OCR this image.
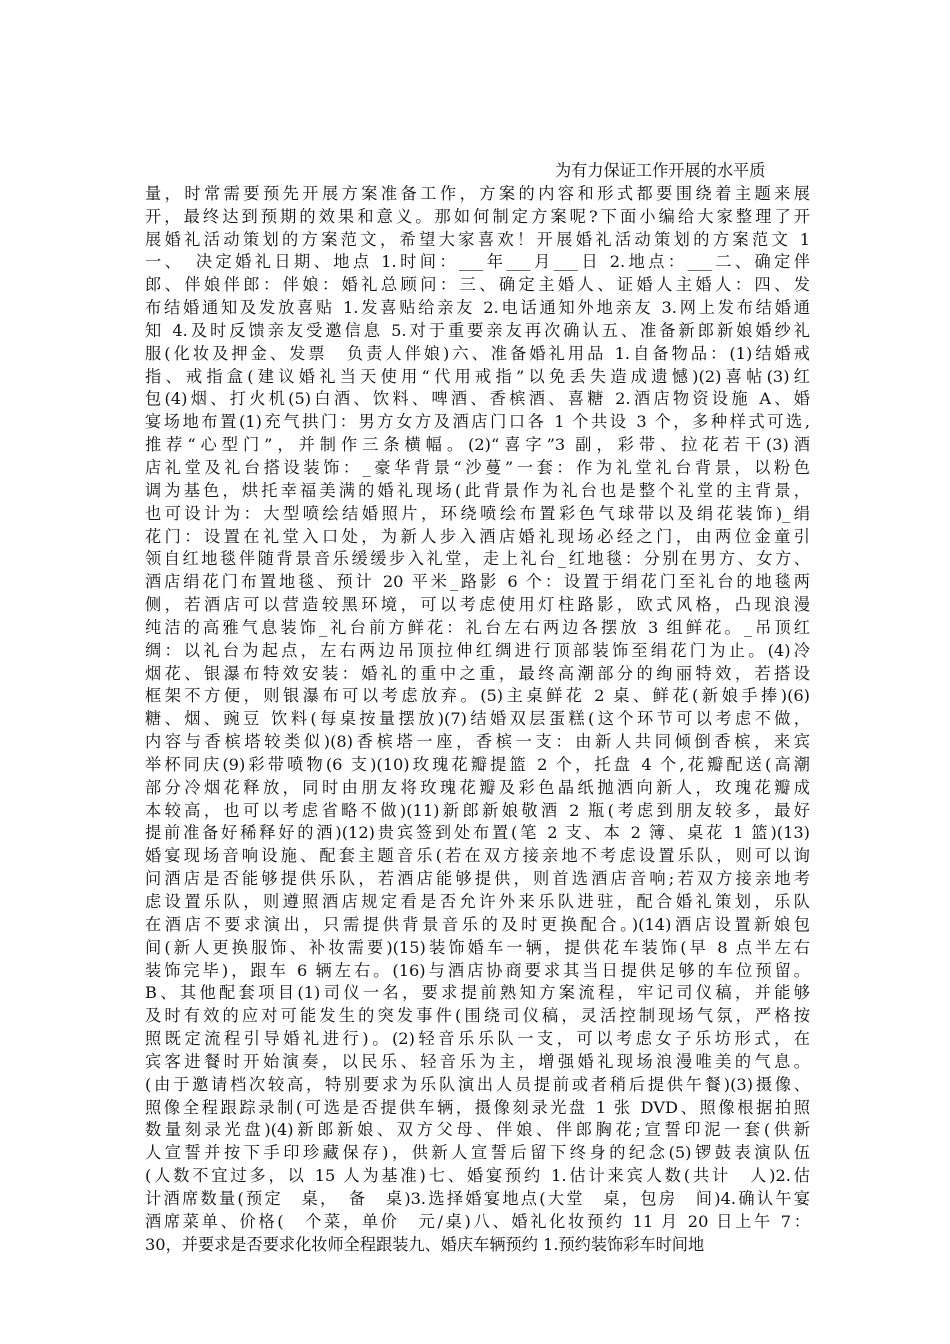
为有力保证工作开展的水平质
量，时常需要预先开展方案准备工作，方案的内容和形式都要围绕着主题来展
开，最终达到预期的效果和意义。那如何制定方案呢?下面小编给大家整理了开
展婚礼活动策划的方案范文，希望大家喜欢！开展婚礼活动策划的方案范文 1
一、　决定婚礼日期、地点 1.时间：___年___月___日 2.地点：___二、确定伴
郎、伴娘伴郎：伴娘：婚礼总顾问：三、确定主婚人、证婚人主婚人：四、发
布结婚通知及发放喜贴 1.发喜贴给亲友 2.电话通知外地亲友 3.网上发布结婚通
知 4.及时反馈亲友受邀信息 5.对于重要亲友再次确认五、准备新郎新娘婚纱礼
服(化妆及押金、发票　负责人伴娘)六、准备婚礼用品 1.自备物品：(1)结婚戒
指、戒指盒(建议婚礼当天使用“代用戒指”以免丢失造成遗憾)(2)喜帖(3)红
包(4)烟、打火机(5)白酒、饮料、啤酒、香槟酒、喜糖 2.酒店物资设施 A、婚
宴场地布置(1)充气拱门：男方女方及酒店门口各 1 个共设 3 个，多种样式可选,
推荐“心型门”，并制作三条横幅。(2)“喜字”3 副，彩带、拉花若干(3)酒
店礼堂及礼台搭设装饰：_豪华背景“沙蔓”一套：作为礼堂礼台背景，以粉色
调为基色，烘托幸福美满的婚礼现场(此背景作为礼台也是整个礼堂的主背景，
也可设计为：大型喷绘结婚照片，环绕喷绘布置彩色气球带以及绢花装饰)_绢
花门：设置在礼堂入口处，为新人步入酒店婚礼现场必经之门，由两位金童引
领自红地毯伴随背景音乐缓缓步入礼堂，走上礼台_红地毯：分别在男方、女方、
酒店绢花门布置地毯、预计 20 平米_路影 6 个：设置于绢花门至礼台的地毯两
侧，若酒店可以营造较黑环境，可以考虑使用灯柱路影，欧式风格，凸现浪漫
纯洁的高雅气息装饰_礼台前方鲜花：礼台左右两边各摆放 3 组鲜花。_吊顶红
绸：以礼台为起点，左右两边吊顶拉伸红绸进行顶部装饰至绢花门为止。(4)冷
烟花、银瀑布特效安装：婚礼的重中之重，最终高潮部分的绚丽特效，若搭设
框架不方便，则银瀑布可以考虑放弃。(5)主桌鲜花 2 桌、鲜花(新娘手捧)(6)
糖、烟、豌豆 饮料(每桌按量摆放)(7)结婚双层蛋糕(这个环节可以考虑不做，
内容与香槟塔较类似)(8)香槟塔一座，香槟一支：由新人共同倾倒香槟，来宾
举杯同庆(9)彩带喷物(6 支)(10)玫瑰花瓣提篮 2 个，托盘 4 个,花瓣配送(高潮
部分冷烟花释放，同时由朋友将玫瑰花瓣及彩色晶纸抛洒向新人，玫瑰花瓣成
本较高，也可以考虑省略不做)(11)新郎新娘敬酒 2 瓶(考虑到朋友较多，最好
提前准备好稀释好的酒)(12)贵宾签到处布置(笔 2 支、本 2 簿、桌花 1 篮)(13)
婚宴现场音响设施、配套主题音乐(若在双方接亲地不考虑设置乐队，则可以询
问酒店是否能够提供乐队，若酒店能够提供，则首选酒店音响;若双方接亲地考
虑设置乐队，则遵照酒店规定看是否允许外来乐队进驻，配合婚礼策划，乐队
在酒店不要求演出，只需提供背景音乐的及时更换配合。)(14)酒店设置新娘包
间(新人更换服饰、补妆需要)(15)装饰婚车一辆，提供花车装饰(早 8 点半左右
装饰完毕)，跟车 6 辆左右。(16)与酒店协商要求其当日提供足够的车位预留。
B、其他配套项目(1)司仪一名，要求提前熟知方案流程，牢记司仪稿，并能够
及时有效的应对可能发生的突发事件(围绕司仪稿，灵活控制现场气氛，严格按
照既定流程引导婚礼进行)。(2)轻音乐乐队一支，可以考虑女子乐坊形式，在
宾客进餐时开始演奏，以民乐、轻音乐为主，增强婚礼现场浪漫唯美的气息。
(由于邀请档次较高，特别要求为乐队演出人员提前或者稍后提供午餐)(3)摄像、
照像全程跟踪录制(可选是否提供车辆，摄像刻录光盘 1 张 DVD、照像根据拍照
数量刻录光盘)(4)新郎新娘、双方父母、伴娘、伴郎胸花;宣誓印泥一套(供新
人宣誓并按下手印珍藏保存)，供新人宣誓后留下终身的纪念(5)锣鼓表演队伍
(人数不宜过多，以 15 人为基准)七、婚宴预约 1.估计来宾人数(共计　人)2.估
计酒席数量(预定　桌，　备　桌)3.选择婚宴地点(大堂　桌，包房　间)4.确认午宴
酒席菜单、价格(　个菜，单价　元/桌)八、婚礼化妆预约 11 月 20 日上午 7：
30，并要求是否要求化妆师全程跟装九、婚庆车辆预约 1.预约装饰彩车时间地
